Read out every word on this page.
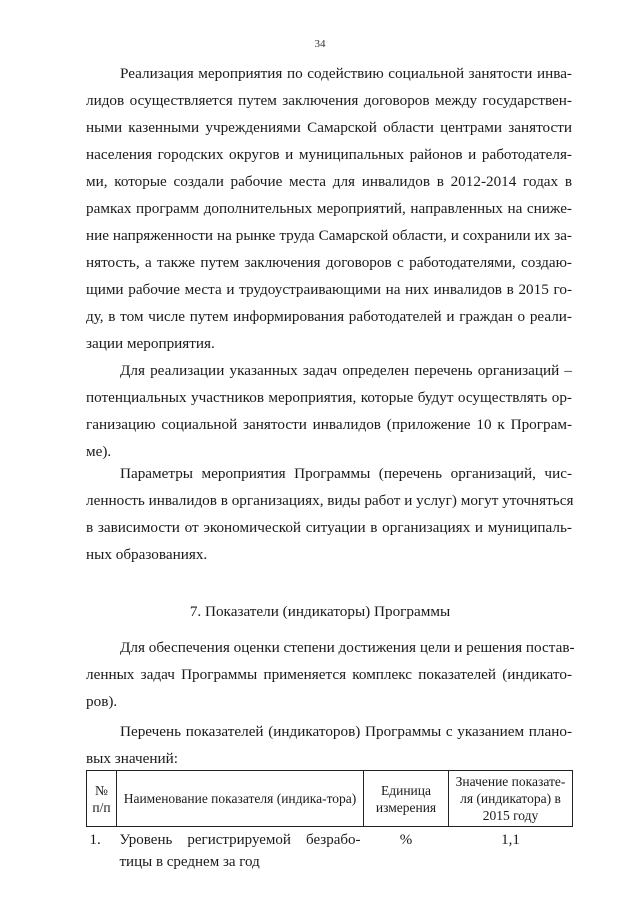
34
Реализация мероприятия по содействию социальной занятости инва-
лидов осуществляется путем заключения договоров между государствен-
ными казенными учреждениями Самарской области центрами занятости
населения городских округов и муниципальных районов и работодателя-
ми, которые создали рабочие места для инвалидов в 2012-2014 годах в
рамках программ дополнительных мероприятий, направленных на сниже-
ние напряженности на рынке труда Самарской области, и сохранили их за-
нятость, а также путем заключения договоров с работодателями, создаю-
щими рабочие места и трудоустраивающими на них инвалидов в 2015 го-
ду, в том числе путем информирования работодателей и граждан о реали-
зации мероприятия.
Для реализации указанных задач определен перечень организаций –
потенциальных участников мероприятия, которые будут осуществлять ор-
ганизацию социальной занятости инвалидов (приложение 10 к Програм-
ме).
Параметры мероприятия Программы (перечень организаций, чис-
ленность инвалидов в организациях, виды работ и услуг) могут уточняться
в зависимости от экономической ситуации в организациях и муниципаль-
ных образованиях.
7. Показатели (индикаторы) Программы
Для обеспечения оценки степени достижения цели и решения постав-
ленных задач Программы применяется комплекс показателей (индикато-
ров).
Перечень показателей (индикаторов) Программы с указанием плано-
вых значений:
№ п/п	Наименование показателя (индика-тора)	Единица измерения	Значение показате-ля (индикатора) в 2015 году
1.	Уровень регистрируемой безрабо-
тицы в среднем за год	%	1,1
